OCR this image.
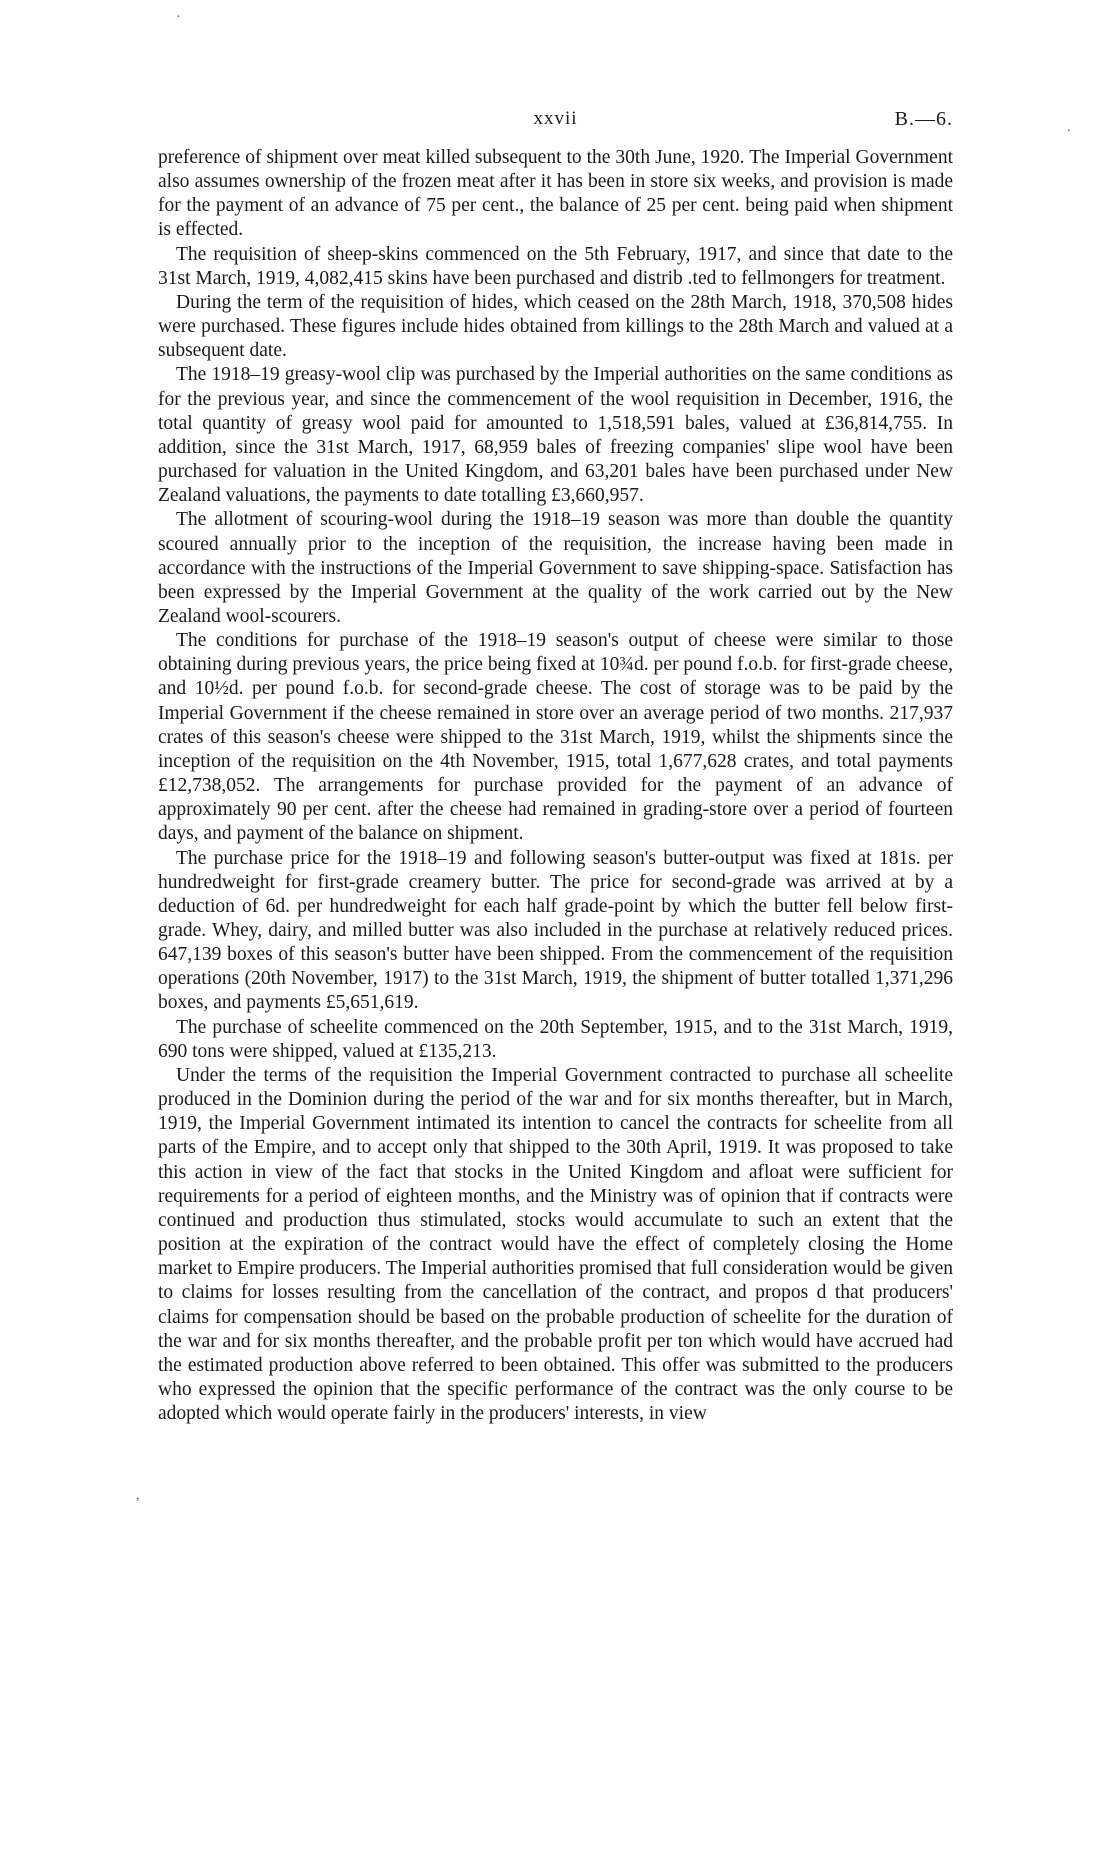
·
xxvii	B.—6.

preference of shipment over meat killed subsequent to the 30th June, 1920. The Imperial Government also assumes ownership of the frozen meat after it has been in store six weeks, and provision is made for the payment of an advance of 75 per cent., the balance of 25 per cent. being paid when shipment is effected.

The requisition of sheep-skins commenced on the 5th February, 1917, and since that date to the 31st March, 1919, 4,082,415 skins have been purchased and distrib .ted to fellmongers for treatment.

During the term of the requisition of hides, which ceased on the 28th March, 1918, 370,508 hides were purchased. These figures include hides obtained from killings to the 28th March and valued at a subsequent date.

The 1918–19 greasy-wool clip was purchased by the Imperial authorities on the same conditions as for the previous year, and since the commencement of the wool requisition in December, 1916, the total quantity of greasy wool paid for amounted to 1,518,591 bales, valued at £36,814,755. In addition, since the 31st March, 1917, 68,959 bales of freezing companies' slipe wool have been purchased for valuation in the United Kingdom, and 63,201 bales have been purchased under New Zealand valuations, the payments to date totalling £3,660,957.

The allotment of scouring-wool during the 1918–19 season was more than double the quantity scoured annually prior to the inception of the requisition, the increase having been made in accordance with the instructions of the Imperial Government to save shipping-space. Satisfaction has been expressed by the Imperial Government at the quality of the work carried out by the New Zealand wool-scourers.

The conditions for purchase of the 1918–19 season's output of cheese were similar to those obtaining during previous years, the price being fixed at 10¾d. per pound f.o.b. for first-grade cheese, and 10½d. per pound f.o.b. for second-grade cheese. The cost of storage was to be paid by the Imperial Government if the cheese remained in store over an average period of two months. 217,937 crates of this season's cheese were shipped to the 31st March, 1919, whilst the shipments since the inception of the requisition on the 4th November, 1915, total 1,677,628 crates, and total payments £12,738,052. The arrangements for purchase provided for the payment of an advance of approximately 90 per cent. after the cheese had remained in grading-store over a period of fourteen days, and payment of the balance on shipment.

The purchase price for the 1918–19 and following season's butter-output was fixed at 181s. per hundredweight for first-grade creamery butter. The price for second-grade was arrived at by a deduction of 6d. per hundredweight for each half grade-point by which the butter fell below first-grade. Whey, dairy, and milled butter was also included in the purchase at relatively reduced prices. 647,139 boxes of this season's butter have been shipped. From the commencement of the requisition operations (20th November, 1917) to the 31st March, 1919, the shipment of butter totalled 1,371,296 boxes, and payments £5,651,619.

The purchase of scheelite commenced on the 20th September, 1915, and to the 31st March, 1919, 690 tons were shipped, valued at £135,213.

Under the terms of the requisition the Imperial Government contracted to purchase all scheelite produced in the Dominion during the period of the war and for six months thereafter, but in March, 1919, the Imperial Government intimated its intention to cancel the contracts for scheelite from all parts of the Empire, and to accept only that shipped to the 30th April, 1919. It was proposed to take this action in view of the fact that stocks in the United Kingdom and afloat were sufficient for requirements for a period of eighteen months, and the Ministry was of opinion that if contracts were continued and production thus stimulated, stocks would accumulate to such an extent that the position at the expiration of the contract would have the effect of completely closing the Home market to Empire producers. The Imperial authorities promised that full consideration would be given to claims for losses resulting from the cancellation of the contract, and propos d that producers' claims for compensation should be based on the probable production of scheelite for the duration of the war and for six months thereafter, and the probable profit per ton which would have accrued had the estimated production above referred to been obtained. This offer was submitted to the producers who expressed the opinion that the specific performance of the contract was the only course to be adopted which would operate fairly in the producers' interests, in view

.
,
